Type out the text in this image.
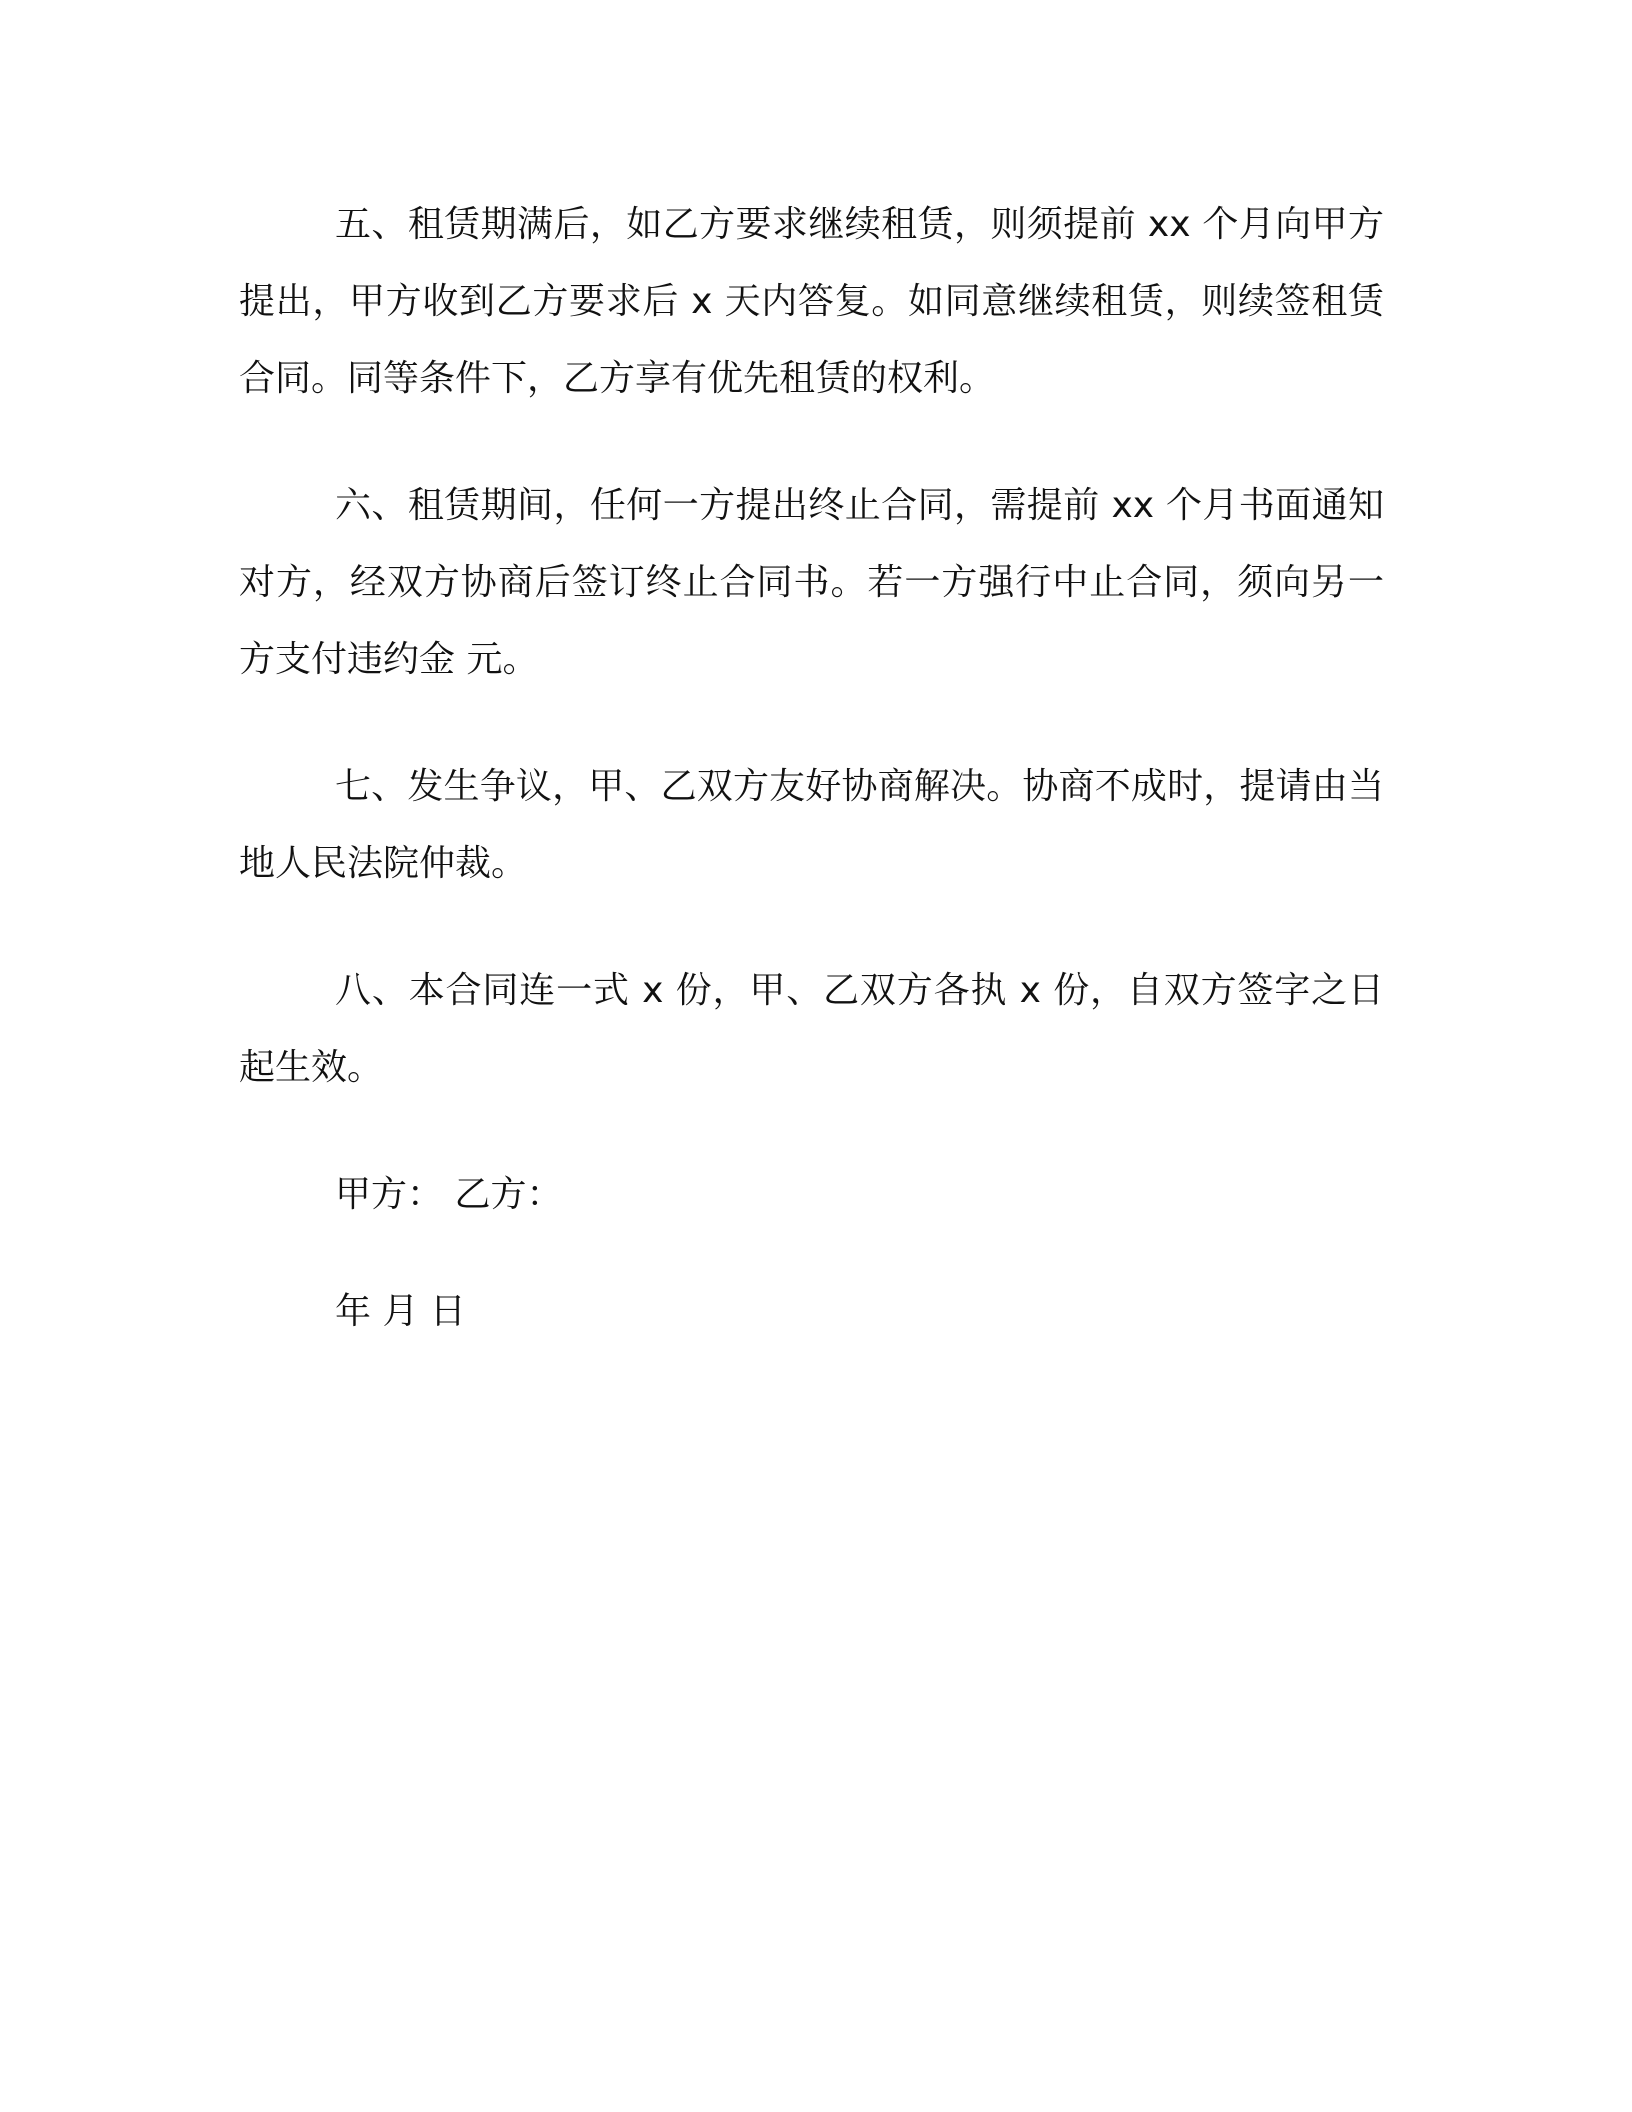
五、租赁期满后，如乙方要求继续租赁，则须提前 xx 个月向甲方提出，甲方收到乙方要求后 x 天内答复。如同意继续租赁，则续签租赁合同。同等条件下，乙方享有优先租赁的权利。

六、租赁期间，任何一方提出终止合同，需提前 xx 个月书面通知对方，经双方协商后签订终止合同书。若一方强行中止合同，须向另一方支付违约金 元。

七、发生争议，甲、乙双方友好协商解决。协商不成时，提请由当地人民法院仲裁。

八、本合同连一式 x 份，甲、乙双方各执 x 份，自双方签字之日起生效。

甲方： 乙方：

年 月 日
